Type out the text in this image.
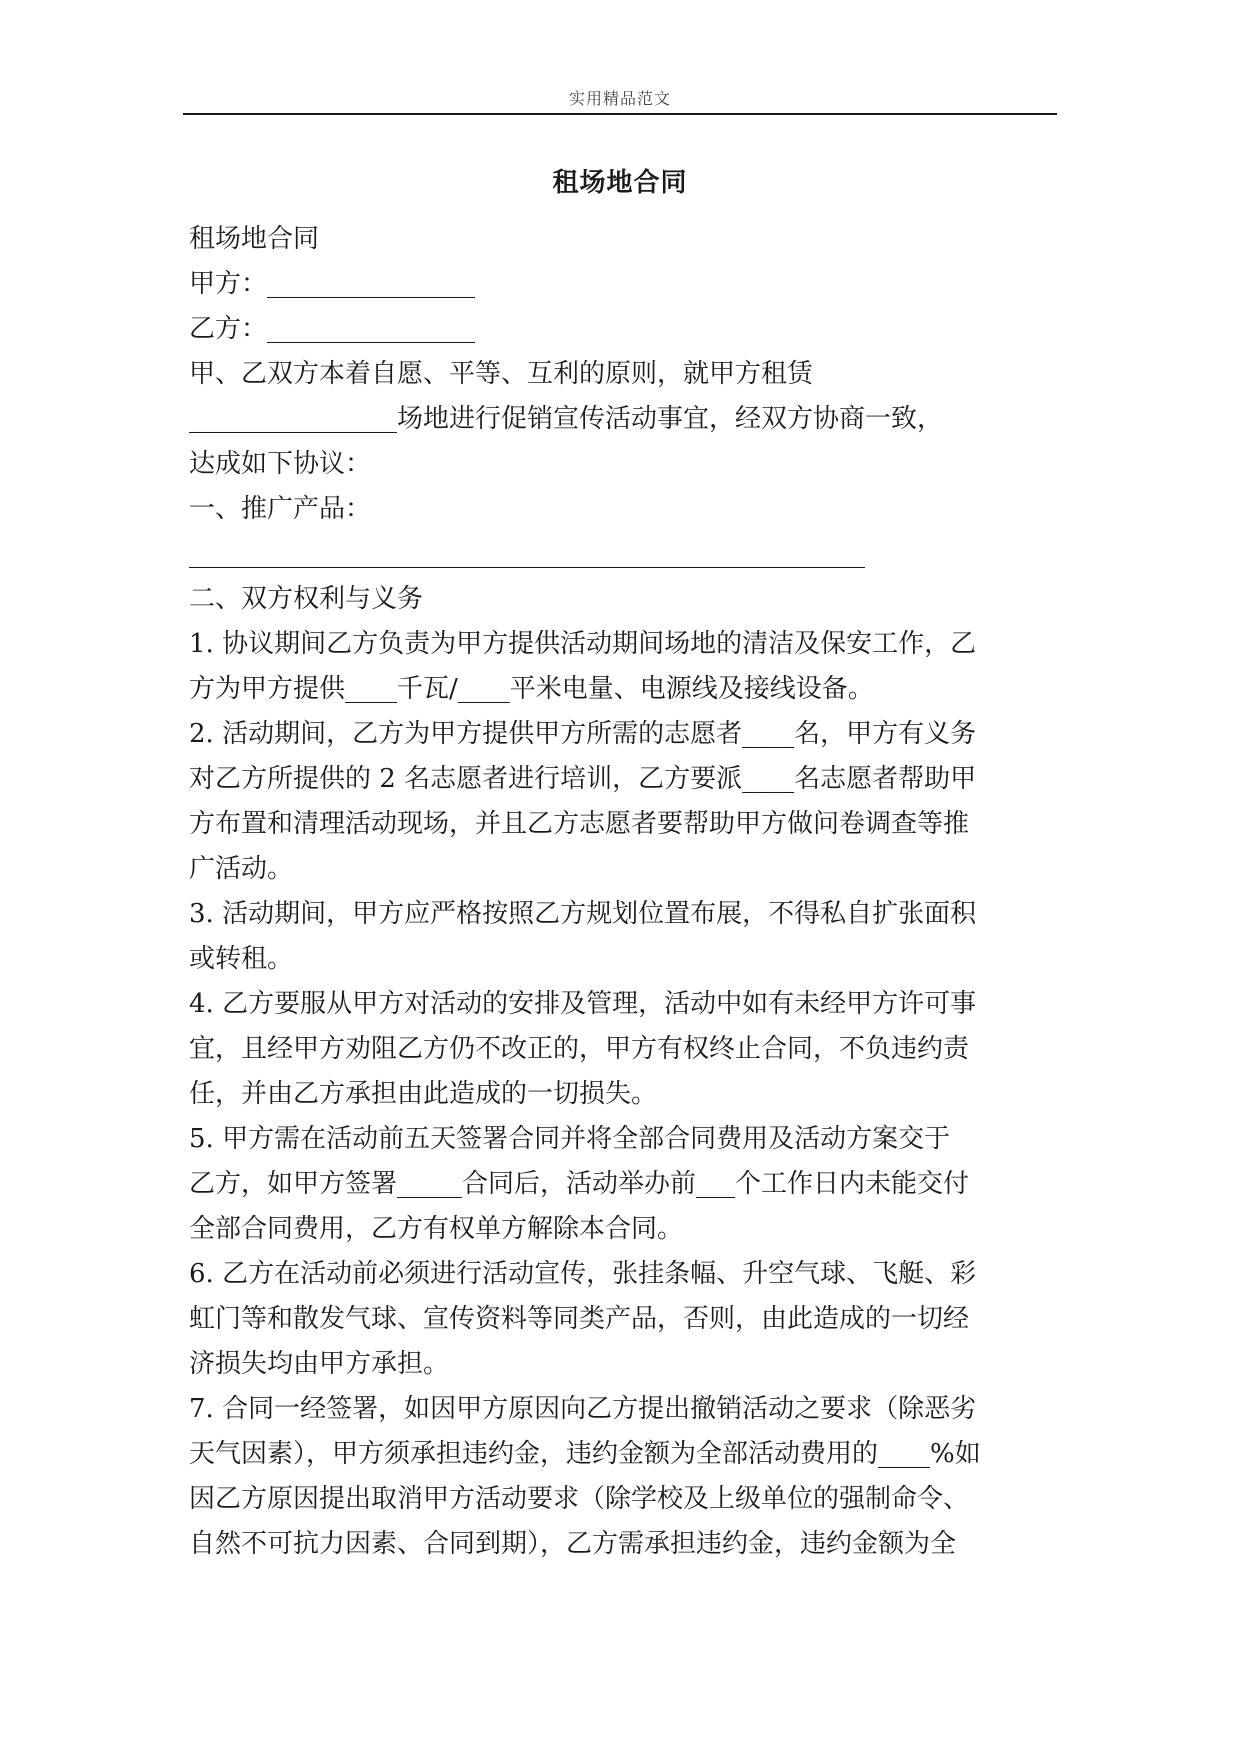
实用精品范文
租场地合同

租场地合同

甲方：________________

乙方：________________

甲、乙双方本着自愿、平等、互利的原则，就甲方租赁

________________场地进行促销宣传活动事宜，经双方协商一致，

达成如下协议：

一、推广产品：

____________________________________________________

二、双方权利与义务

1. 协议期间乙方负责为甲方提供活动期间场地的清洁及保安工作，乙

方为甲方提供____千瓦/____平米电量、电源线及接线设备。

2. 活动期间，乙方为甲方提供甲方所需的志愿者____名，甲方有义务

对乙方所提供的 2 名志愿者进行培训，乙方要派____名志愿者帮助甲

方布置和清理活动现场，并且乙方志愿者要帮助甲方做问卷调查等推

广活动。

3. 活动期间，甲方应严格按照乙方规划位置布展，不得私自扩张面积

或转租。

4. 乙方要服从甲方对活动的安排及管理，活动中如有未经甲方许可事

宜，且经甲方劝阻乙方仍不改正的，甲方有权终止合同，不负违约责

任，并由乙方承担由此造成的一切损失。

5. 甲方需在活动前五天签署合同并将全部合同费用及活动方案交于

乙方，如甲方签署_____合同后，活动举办前___个工作日内未能交付

全部合同费用，乙方有权单方解除本合同。

6. 乙方在活动前必须进行活动宣传，张挂条幅、升空气球、飞艇、彩

虹门等和散发气球、宣传资料等同类产品，否则，由此造成的一切经

济损失均由甲方承担。

7. 合同一经签署，如因甲方原因向乙方提出撤销活动之要求（除恶劣

天气因素），甲方须承担违约金，违约金额为全部活动费用的____%如

因乙方原因提出取消甲方活动要求（除学校及上级单位的强制命令、

自然不可抗力因素、合同到期），乙方需承担违约金，违约金额为全
